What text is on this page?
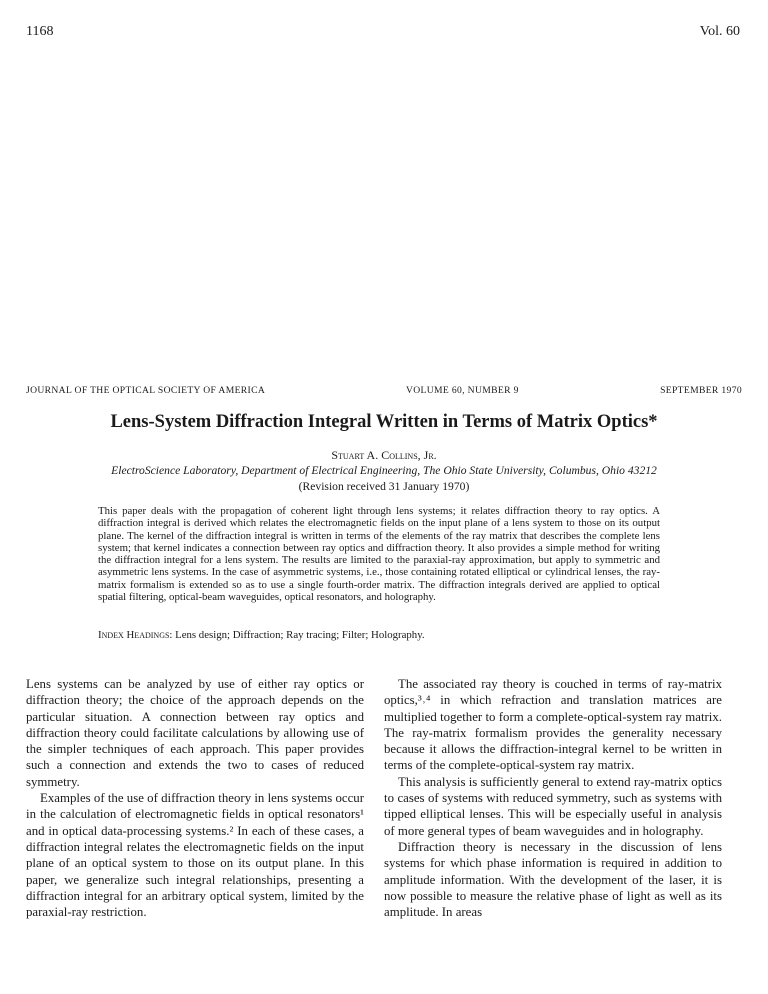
1168	Vol. 60
JOURNAL OF THE OPTICAL SOCIETY OF AMERICA	VOLUME 60, NUMBER 9	SEPTEMBER 1970
Lens-System Diffraction Integral Written in Terms of Matrix Optics*
Stuart A. Collins, Jr.
ElectroScience Laboratory, Department of Electrical Engineering, The Ohio State University, Columbus, Ohio 43212
(Revision received 31 January 1970)
This paper deals with the propagation of coherent light through lens systems; it relates diffraction theory to ray optics. A diffraction integral is derived which relates the electromagnetic fields on the input plane of a lens system to those on its output plane. The kernel of the diffraction integral is written in terms of the elements of the ray matrix that describes the complete lens system; that kernel indicates a connection between ray optics and diffraction theory. It also provides a simple method for writing the diffraction integral for a lens system. The results are limited to the paraxial-ray approximation, but apply to symmetric and asymmetric lens systems. In the case of asymmetric systems, i.e., those containing rotated elliptical or cylindrical lenses, the ray-matrix formalism is extended so as to use a single fourth-order matrix. The diffraction integrals derived are applied to optical spatial filtering, optical-beam waveguides, optical resonators, and holography.
Index Headings: Lens design; Diffraction; Ray tracing; Filter; Holography.

Lens systems can be analyzed by use of either ray optics or diffraction theory; the choice of the approach depends on the particular situation. A connection between ray optics and diffraction theory could facilitate calculations by allowing use of the simpler techniques of each approach. This paper provides such a connection and extends the two to cases of reduced symmetry.

Examples of the use of diffraction theory in lens systems occur in the calculation of electromagnetic fields in optical resonators¹ and in optical data-processing systems.² In each of these cases, a diffraction integral relates the electromagnetic fields on the input plane of an optical system to those on its output plane. In this paper, we generalize such integral relationships, presenting a diffraction integral for an arbitrary optical system, limited by the paraxial-ray restriction.

The associated ray theory is couched in terms of ray-matrix optics,³˒⁴ in which refraction and translation matrices are multiplied together to form a complete-optical-system ray matrix. The ray-matrix formalism provides the generality necessary because it allows the diffraction-integral kernel to be written in terms of the complete-optical-system ray matrix.

This analysis is sufficiently general to extend ray-matrix optics to cases of systems with reduced symmetry, such as systems with tipped elliptical lenses. This will be especially useful in analysis of more general types of beam waveguides and in holography.

Diffraction theory is necessary in the discussion of lens systems for which phase information is required in addition to amplitude information. With the development of the laser, it is now possible to measure the relative phase of light as well as its amplitude. In areas
